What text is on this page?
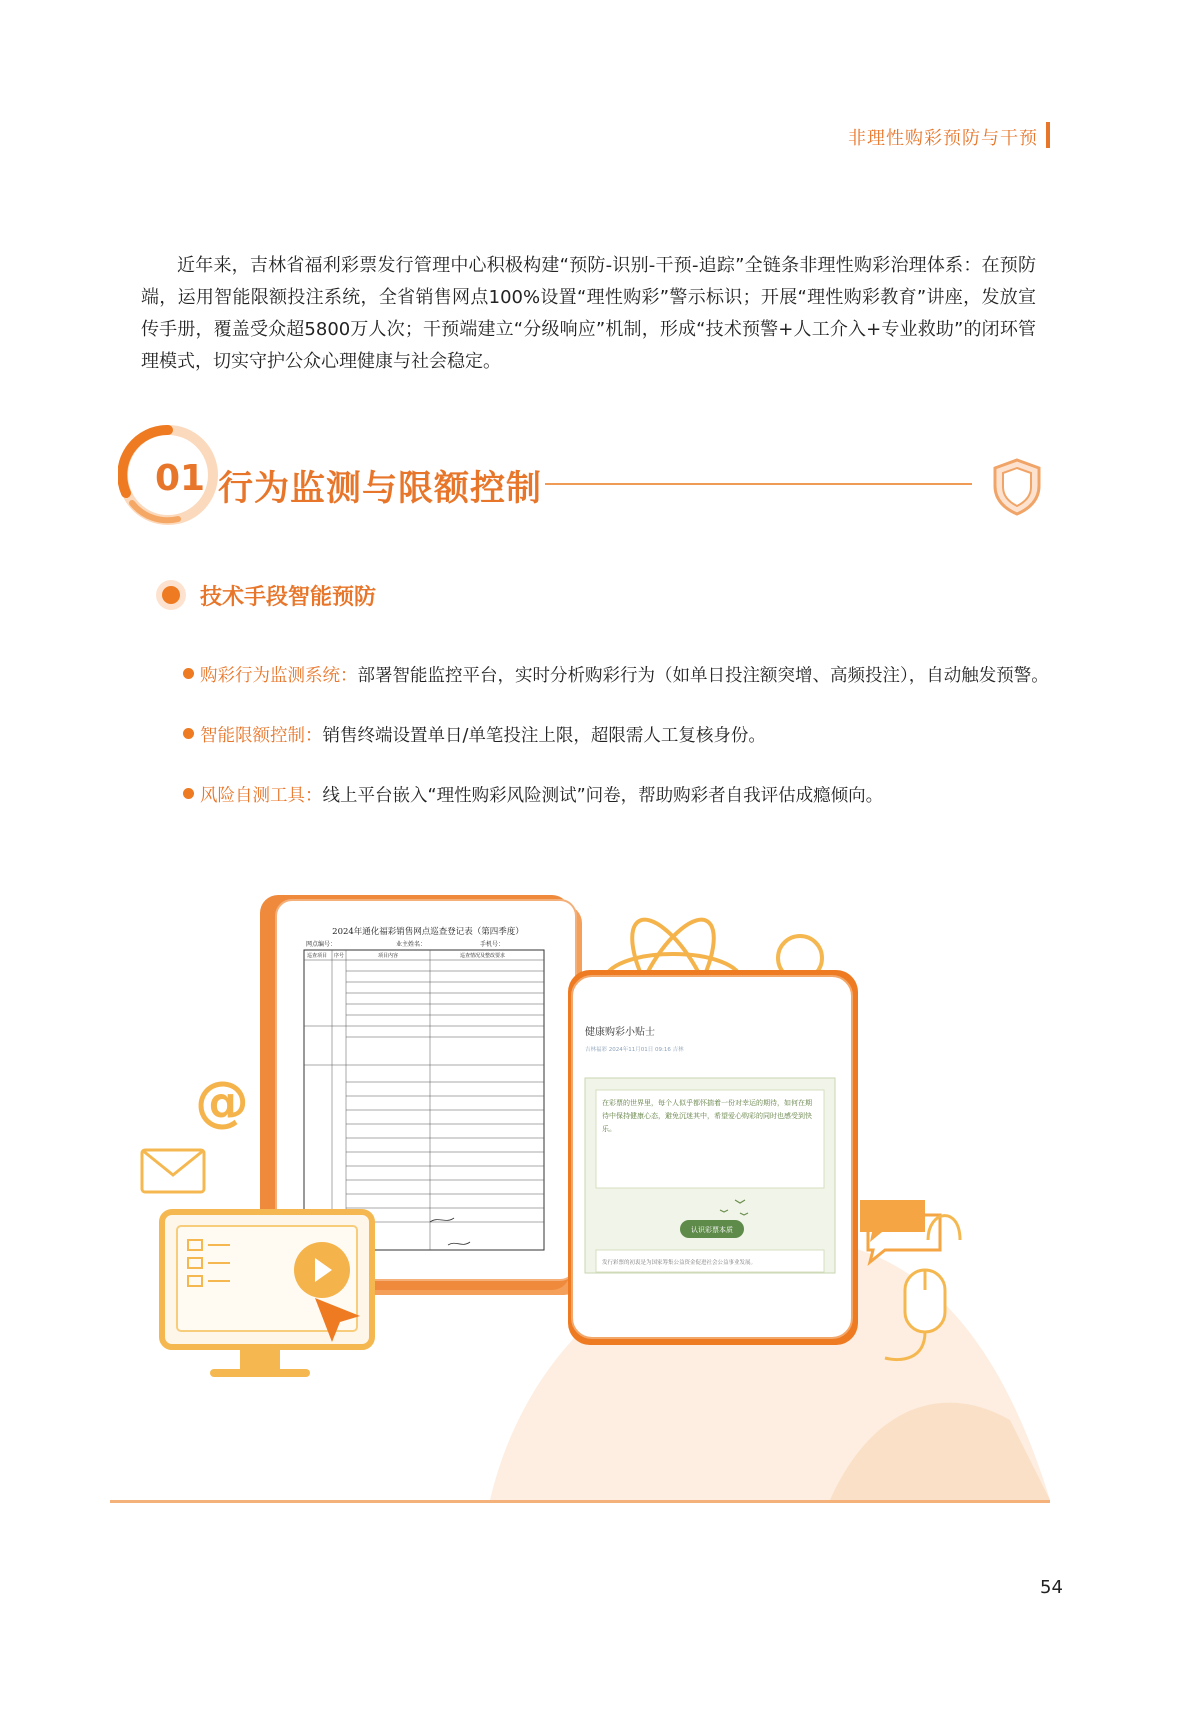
非理性购彩预防与干预

近年来，吉林省福利彩票发行管理中心积极构建“预防-识别-干预-追踪”全链条非理性购彩治理体系：在预防端，运用智能限额投注系统，全省销售网点100%设置“理性购彩”警示标识；开展“理性购彩教育”讲座，发放宣传手册，覆盖受众超5800万人次；干预端建立“分级响应”机制，形成“技术预警+人工介入+专业救助”的闭环管理模式，切实守护公众心理健康与社会稳定。

01 行为监测与限额控制
技术手段智能预防
购彩行为监测系统：部署智能监控平台，实时分析购彩行为（如单日投注额突增、高频投注），自动触发预警。
智能限额控制：销售终端设置单日/单笔投注上限，超限需人工复核身份。
风险自测工具：线上平台嵌入“理性购彩风险测试”问卷，帮助购彩者自我评估成瘾倾向。
2024年通化福彩销售网点巡查登记表（第四季度）
网点编号：	业主姓名：	手机号：
巡查项目 序号	项目内容	巡查情况及整改要求
@
健康购彩小贴士
吉林福彩 2024年11月01日 09:16 吉林
在彩票的世界里，每个人似乎都怀揣着一份对幸运的期待，如何在期待中保持健康心态，避免沉迷其中，希望爱心购彩的同时也感受到快乐。
认识彩票本质
发行彩票的初衷是为国家筹集公益资金促进社会公益事业发展。
54
